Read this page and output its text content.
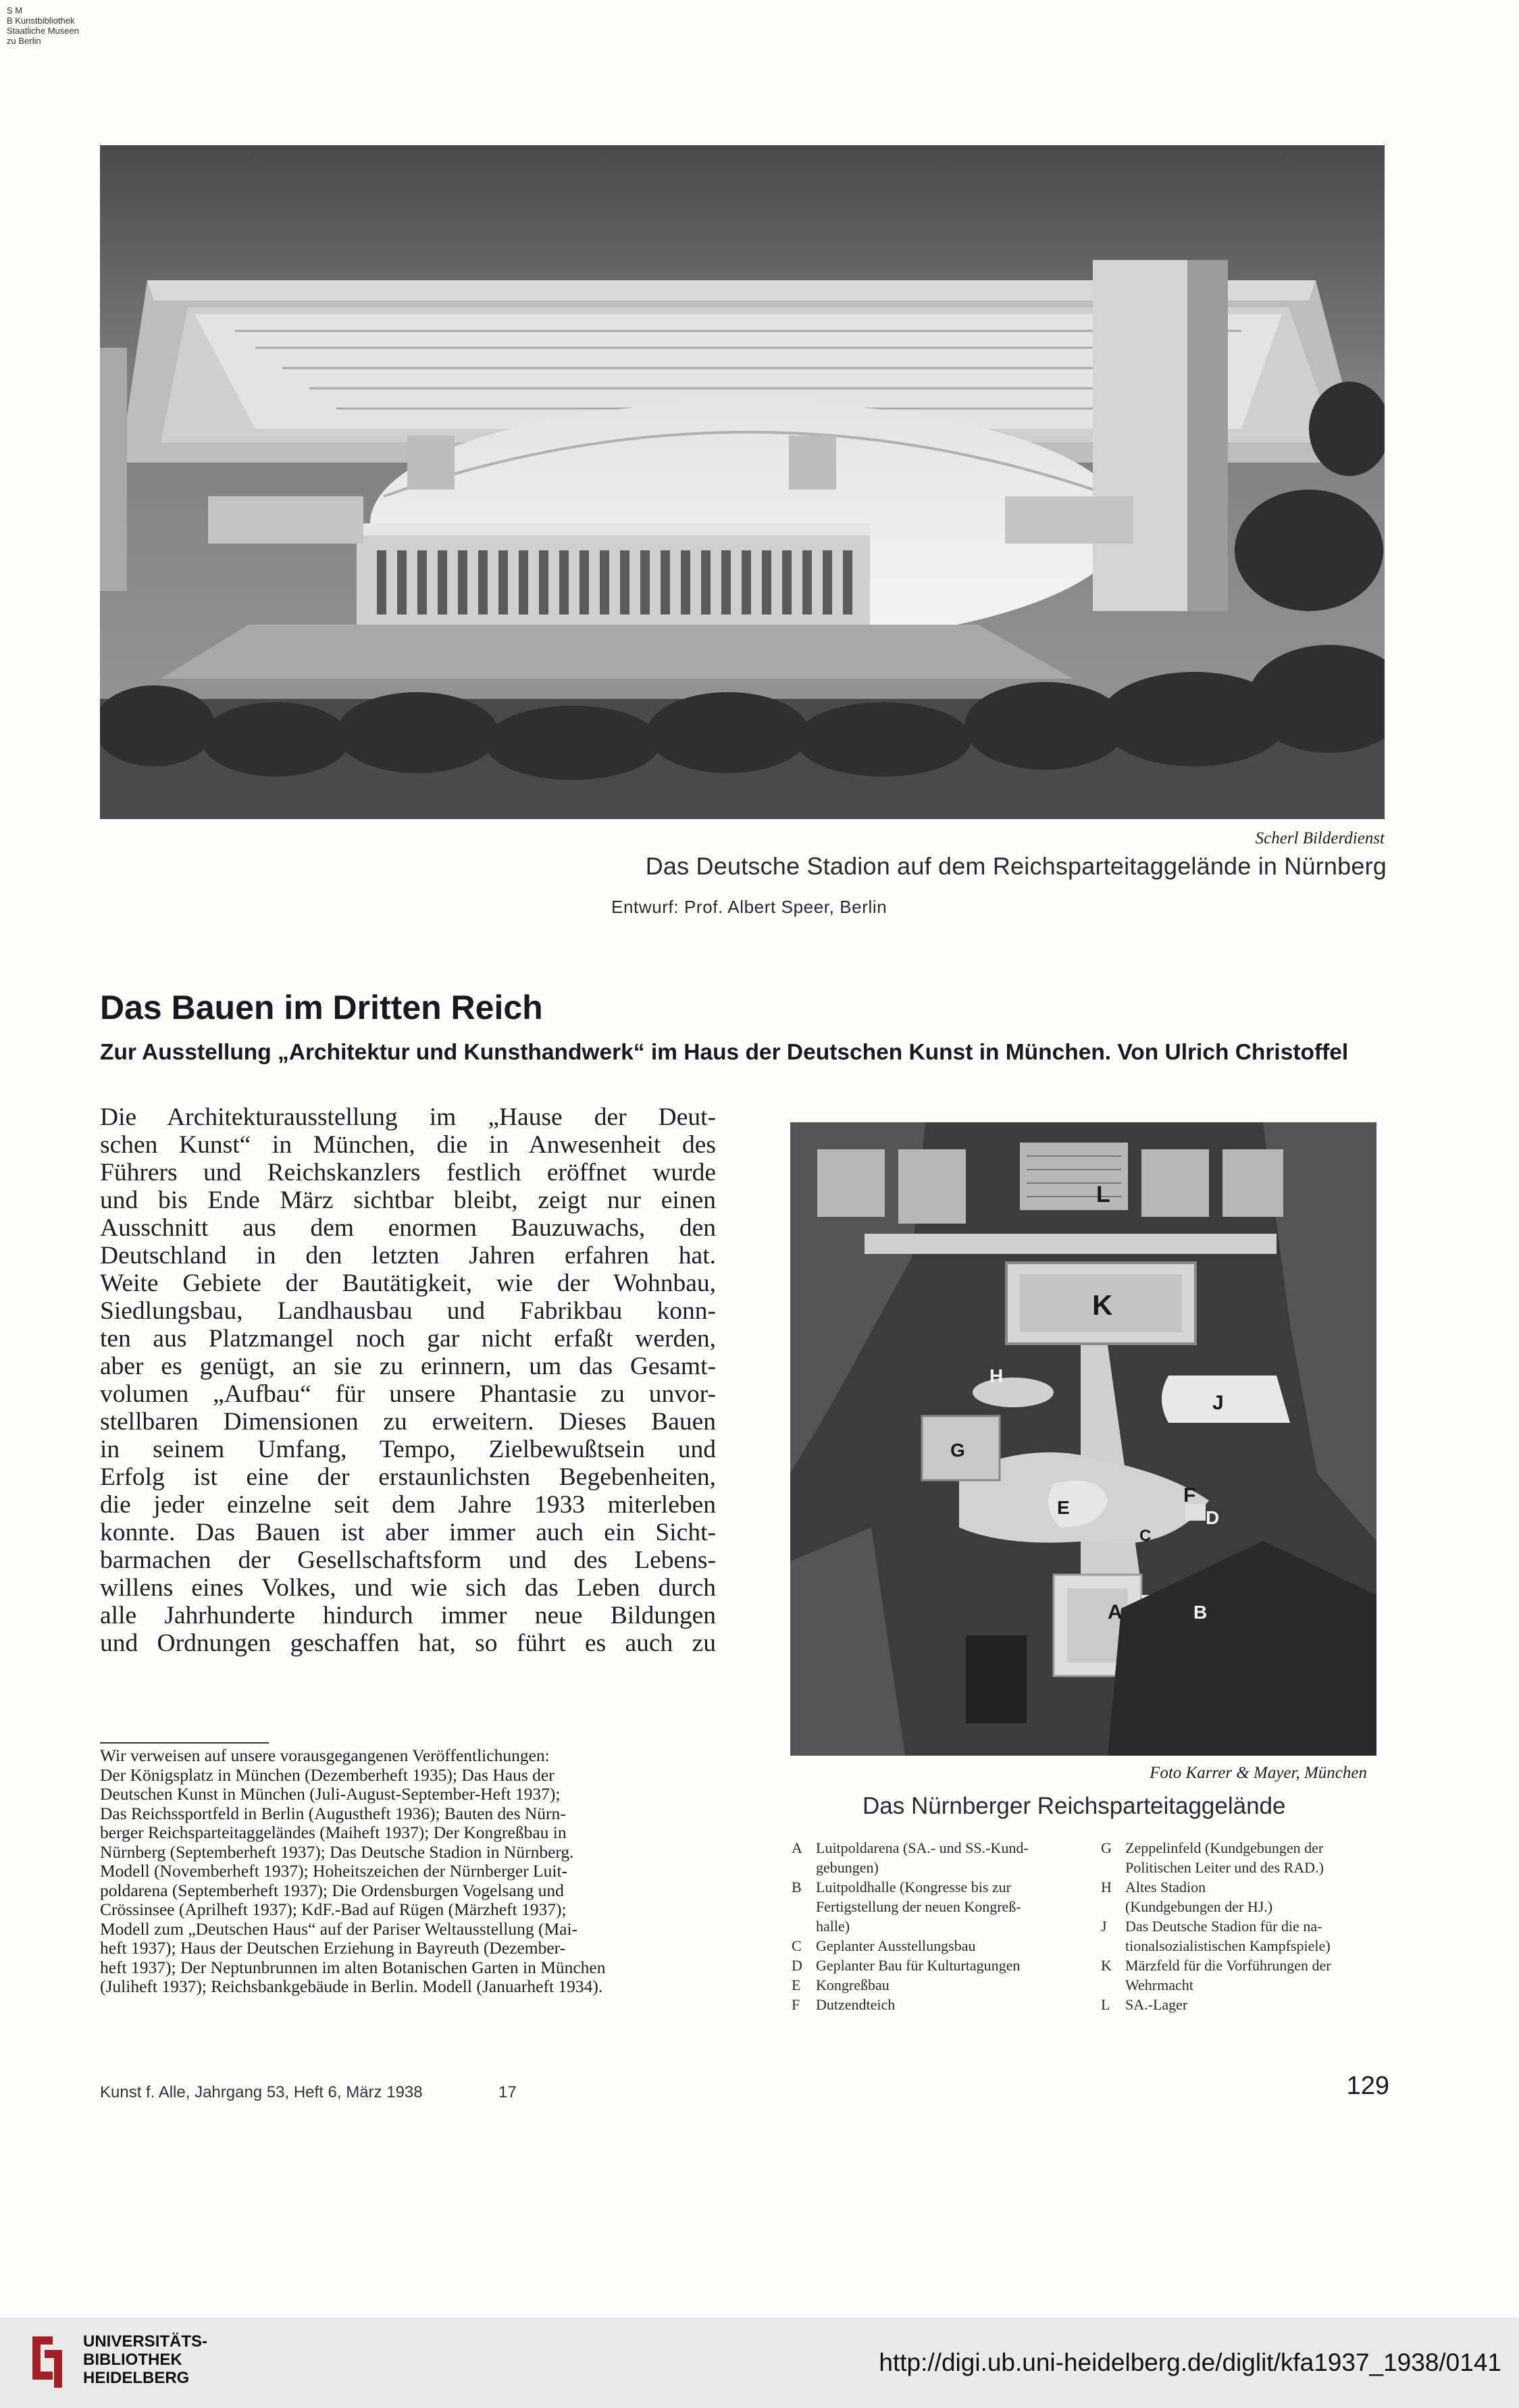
S M
B Kunstbibliothek
Staatliche Museen
zu Berlin
Scherl Bilderdienst
Das Deutsche Stadion auf dem Reichsparteitaggelände in Nürnberg
Entwurf: Prof. Albert Speer, Berlin
Das Bauen im Dritten Reich
Zur Ausstellung „Architektur und Kunsthandwerk“ im Haus der Deutschen Kunst in München. Von Ulrich Christoffel
Die Architekturausstellung im „Hause der Deut-
schen Kunst“ in München, die in Anwesenheit des
Führers und Reichskanzlers festlich eröffnet wurde
und bis Ende März sichtbar bleibt, zeigt nur einen
Ausschnitt aus dem enormen Bauzuwachs, den
Deutschland in den letzten Jahren erfahren hat.
Weite Gebiete der Bautätigkeit, wie der Wohnbau,
Siedlungsbau, Landhausbau und Fabrikbau konn-
ten aus Platzmangel noch gar nicht erfaßt werden,
aber es genügt, an sie zu erinnern, um das Gesamt-
volumen „Aufbau“ für unsere Phantasie zu unvor-
stellbaren Dimensionen zu erweitern. Dieses Bauen
in seinem Umfang, Tempo, Zielbewußtsein und
Erfolg ist eine der erstaunlichsten Begebenheiten,
die jeder einzelne seit dem Jahre 1933 miterleben
konnte. Das Bauen ist aber immer auch ein Sicht-
barmachen der Gesellschaftsform und des Lebens-
willens eines Volkes, und wie sich das Leben durch
alle Jahrhunderte hindurch immer neue Bildungen
und Ordnungen geschaffen hat, so führt es auch zu
Wir verweisen auf unsere vorausgegangenen Veröffentlichungen:
Der Königsplatz in München (Dezemberheft 1935); Das Haus der
Deutschen Kunst in München (Juli-August-September-Heft 1937);
Das Reichssportfeld in Berlin (Augustheft 1936); Bauten des Nürn-
berger Reichsparteitaggeländes (Maiheft 1937); Der Kongreßbau in
Nürnberg (Septemberheft 1937); Das Deutsche Stadion in Nürnberg.
Modell (Novemberheft 1937); Hoheitszeichen der Nürnberger Luit-
poldarena (Septemberheft 1937); Die Ordensburgen Vogelsang und
Crössinsee (Aprilheft 1937); KdF.-Bad auf Rügen (Märzheft 1937);
Modell zum „Deutschen Haus“ auf der Pariser Weltausstellung (Mai-
heft 1937); Haus der Deutschen Erziehung in Bayreuth (Dezember-
heft 1937); Der Neptunbrunnen im alten Botanischen Garten in München
(Juliheft 1937); Reichsbankgebäude in Berlin. Modell (Januarheft 1934).
L
K
H
J
G
F
E
C
D
A	B
Foto Karrer & Mayer, München
Das Nürnberger Reichsparteitaggelände
A Luitpoldarena (SA.- und SS.-Kund-
gebungen)
B Luitpoldhalle (Kongresse bis zur
Fertigstellung der neuen Kongreß-
halle)
C Geplanter Ausstellungsbau
D Geplanter Bau für Kulturtagungen
E	Kongreßbau
F	Dutzendteich
G Zeppelinfeld (Kundgebungen der
Politischen Leiter und des RAD.)
H Altes Stadion
(Kundgebungen der HJ.)
J	Das Deutsche Stadion für die na-
tionalsozialistischen Kampfspiele)
K Märzfeld für die Vorführungen der
Wehrmacht
L	SA.-Lager
Kunst f. Alle, Jahrgang 53, Heft 6, März 1938	17	129
UNIVERSITÄTS-
BIBLIOTHEK
HEIDELBERG
http://digi.ub.uni-heidelberg.de/diglit/kfa1937_1938/0141
